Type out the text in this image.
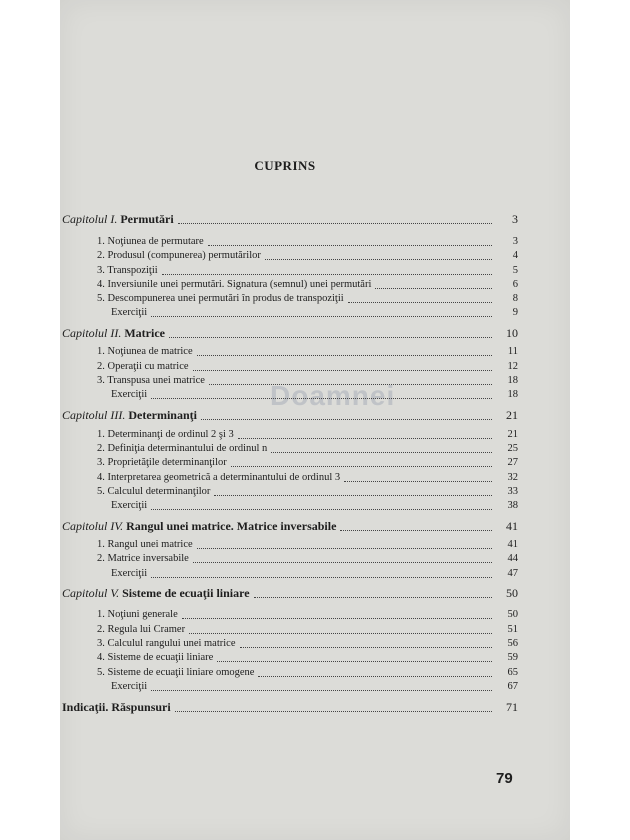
CUPRINS
Doamnei
Capitolul I. Permutări	3
1. Noţiunea de permutare	3
2. Produsul (compunerea) permutărilor	4
3. Transpoziţii	5
4. Inversiunile unei permutări. Signatura (semnul) unei permutări	6
5. Descompunerea unei permutări în produs de transpoziţii	8
Exerciţii	9
Capitolul II. Matrice	10
1. Noţiunea de matrice	11
2. Operaţii cu matrice	12
3. Transpusa unei matrice	18
Exerciţii	18
Capitolul III. Determinanţi	21
1. Determinanţi de ordinul 2 şi 3	21
2. Definiţia determinantului de ordinul n	25
3. Proprietăţile determinanţilor	27
4. Interpretarea geometrică a determinantului de ordinul 3	32
5. Calculul determinanţilor	33
Exerciţii	38
Capitolul IV. Rangul unei matrice. Matrice inversabile	41
1. Rangul unei matrice	41
2. Matrice inversabile	44
Exerciţii	47
Capitolul V. Sisteme de ecuaţii liniare	50
1. Noţiuni generale	50
2. Regula lui Cramer	51
3. Calculul rangului unei matrice	56
4. Sisteme de ecuaţii liniare	59
5. Sisteme de ecuaţii liniare omogene	65
Exerciţii	67
Indicaţii. Răspunsuri	71
79
